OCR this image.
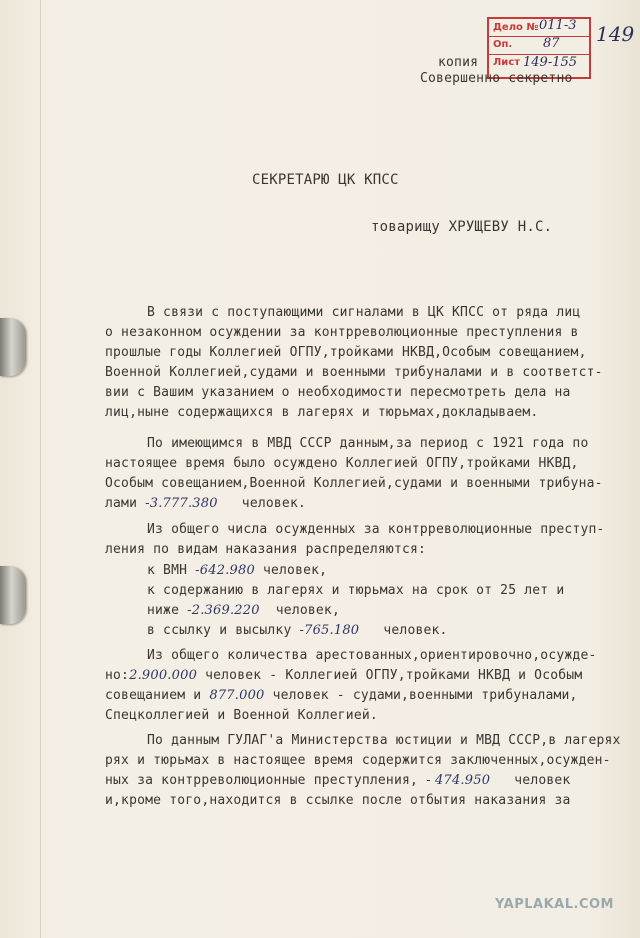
Дело №
Оп.
Лист
011-3
87
149-155
149
копия
Совершенно секретно
СЕКРЕТАРЮ ЦК КПСС
товарищу ХРУЩЕВУ Н.С.
В связи с поступающими сигналами в ЦК КПСС от ряда лиц
о незаконном осуждении за контрреволюционные преступления в
прошлые годы Коллегией ОГПУ,тройками НКВД,Особым совещанием,
Военной Коллегией,судами и военными трибуналами и в соответст-
вии с Вашим указанием о необходимости пересмотреть дела на
лиц,ныне содержащихся в лагерях и тюрьмах,докладываем.
По имеющимся в МВД СССР данным,за период с 1921 года по
настоящее время было осуждено Коллегией ОГПУ,тройками НКВД,
Особым совещанием,Военной Коллегией,судами и военными трибуна-
лами -3.777.380 человек.
Из общего числа осужденных за контрреволюционные преступ-
ления по видам наказания распределяются:
к ВМН -642.980 человек,
к содержанию в лагерях и тюрьмах на срок от 25 лет и
ниже -2.369.220 человек,
в ссылку и высылку -765.180 человек.
Из общего количества арестованных,ориентировочно,осужде-
но:2.900.000 человек - Коллегией ОГПУ,тройками НКВД и Особым
совещанием и 877.000 человек - судами,военными трибуналами,
Спецколлегией и Военной Коллегией.
По данным ГУЛАГ'а Министерства юстиции и МВД СССР,в лагерях
рях и тюрьмах в настоящее время содержится заключенных,осужден-
ных за контрреволюционные преступления, - 474.950 человек
и,кроме того,находится в ссылке после отбытия наказания за
YAPLAKAL.COM
